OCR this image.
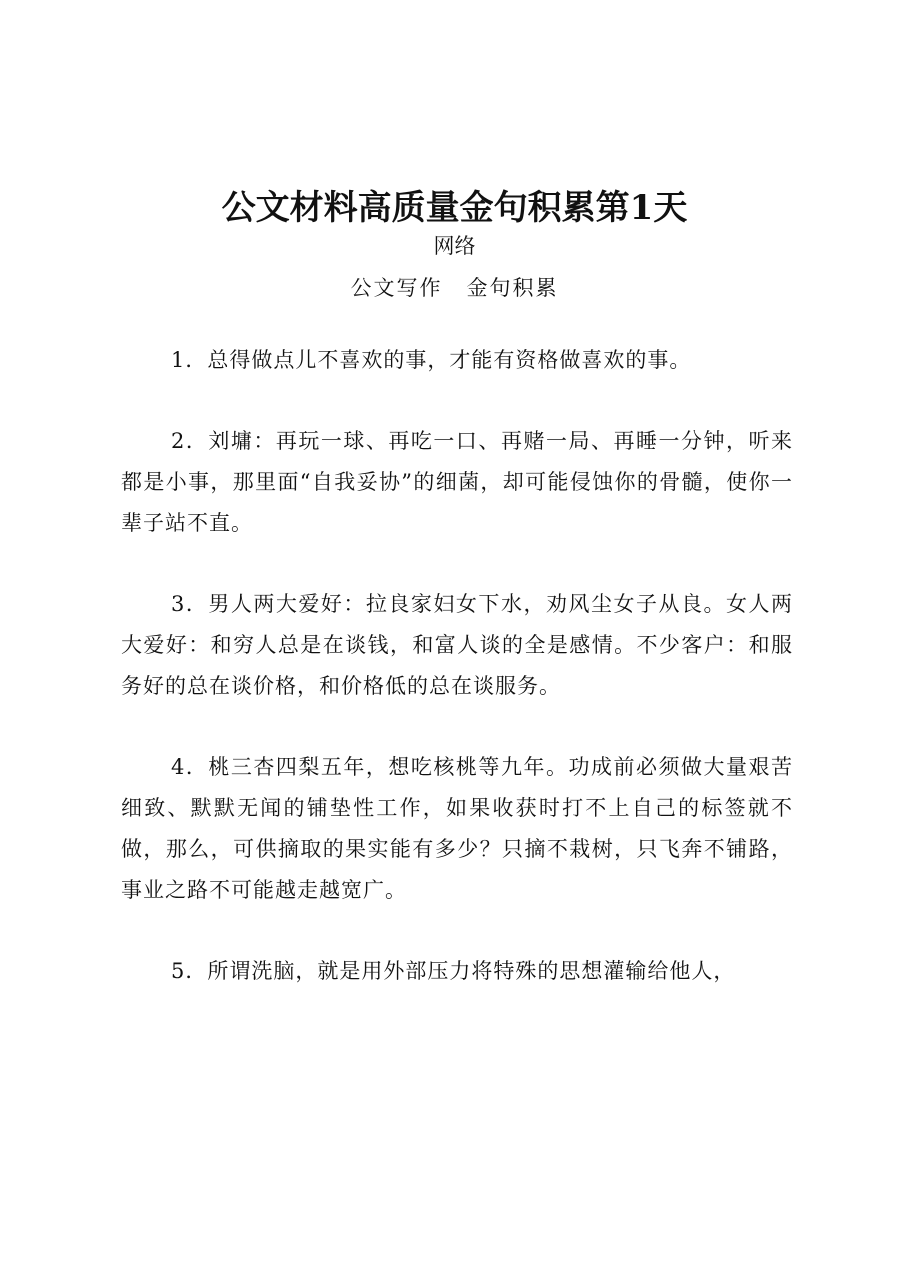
公文材料高质量金句积累第1天
网络
公文写作 金句积累

1．总得做点儿不喜欢的事，才能有资格做喜欢的事。

2．刘墉：再玩一球、再吃一口、再赌一局、再睡一分钟，听来都是小事，那里面“自我妥协”的细菌，却可能侵蚀你的骨髓，使你一辈子站不直。

3．男人两大爱好：拉良家妇女下水，劝风尘女子从良。女人两大爱好：和穷人总是在谈钱，和富人谈的全是感情。不少客户：和服务好的总在谈价格，和价格低的总在谈服务。

4．桃三杏四梨五年，想吃核桃等九年。功成前必须做大量艰苦细致、默默无闻的铺垫性工作，如果收获时打不上自己的标签就不做，那么，可供摘取的果实能有多少？只摘不栽树，只飞奔不铺路，事业之路不可能越走越宽广。

5．所谓洗脑，就是用外部压力将特殊的思想灌输给他人，
